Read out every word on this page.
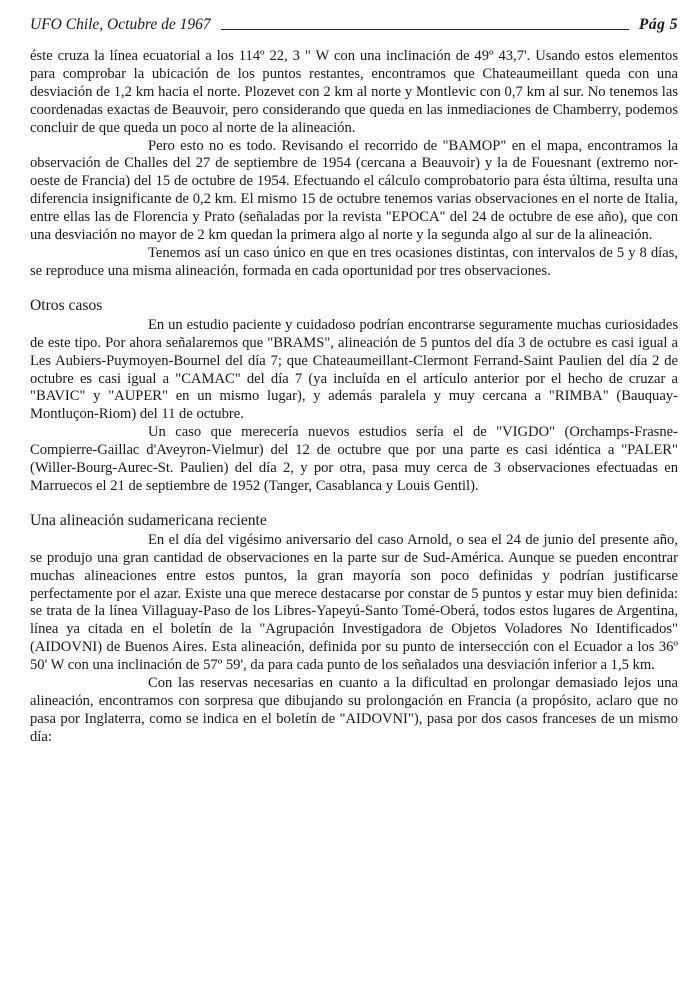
UFO Chile, Octubre de 1967	Pág 5

éste cruza la línea ecuatorial a los 114º 22, 3 " W con una inclinación de 49º 43,7'. Usando estos elementos para comprobar la ubicación de los puntos restantes, encontramos que Chateaumeillant queda con una desviación de 1,2 km hacia el norte. Plozevet con 2 km al norte y Montlevic con 0,7 km al sur. No tenemos las coordenadas exactas de Beauvoir, pero considerando que queda en las inmediaciones de Chamberry, podemos concluir de que queda un poco al norte de la alineación.

Pero esto no es todo. Revisando el recorrido de "BAMOP" en el mapa, encontramos la observación de Challes del 27 de septiembre de 1954 (cercana a Beauvoir) y la de Fouesnant (extremo nor-oeste de Francia) del 15 de octubre de 1954. Efectuando el cálculo comprobatorio para ésta última, resulta una diferencia insignificante de 0,2 km. El mismo 15 de octubre tenemos varias observaciones en el norte de Italia, entre ellas las de Florencia y Prato (señaladas por la revista "EPOCA" del 24 de octubre de ese año), que con una desviación no mayor de 2 km quedan la primera algo al norte y la segunda algo al sur de la alineación.

Tenemos así un caso único en que en tres ocasiones distintas, con intervalos de 5 y 8 días, se reproduce una misma alineación, formada en cada oportunidad por tres observaciones.

Otros casos

En un estudio paciente y cuidadoso podrían encontrarse seguramente muchas curiosidades de este tipo. Por ahora señalaremos que "BRAMS", alineación de 5 puntos del día 3 de octubre es casi igual a Les Aubiers-Puymoyen-Bournel del día 7; que Chateaumeillant-Clermont Ferrand-Saint Paulien del día 2 de octubre es casi igual a "CAMAC" del día 7 (ya incluída en el artículo anterior por el hecho de cruzar a "BAVIC" y "AUPER" en un mismo lugar), y además paralela y muy cercana a "RIMBA" (Bauquay-Montluçon-Riom) del 11 de octubre.

Un caso que merecería nuevos estudios sería el de "VIGDO" (Orchamps-Frasne-Compierre-Gaillac d'Aveyron-Vielmur) del 12 de octubre que por una parte es casi idéntica a "PALER" (Willer-Bourg-Aurec-St. Paulien) del día 2, y por otra, pasa muy cerca de 3 observaciones efectuadas en Marruecos el 21 de septiembre de 1952 (Tanger, Casablanca y Louis Gentil).

Una alineación sudamericana reciente

En el día del vigésimo aniversario del caso Arnold, o sea el 24 de junio del presente año, se produjo una gran cantidad de observaciones en la parte sur de Sud-América. Aunque se pueden encontrar muchas alineaciones entre estos puntos, la gran mayoría son poco definidas y podrían justificarse perfectamente por el azar. Existe una que merece destacarse por constar de 5 puntos y estar muy bien definida: se trata de la línea Villaguay-Paso de los Libres-Yapeyú-Santo Tomé-Oberá, todos estos lugares de Argentina, línea ya citada en el boletín de la "Agrupación Investigadora de Objetos Voladores No Identificados" (AIDOVNI) de Buenos Aires. Esta alineación, definida por su punto de intersección con el Ecuador a los 36º 50' W con una inclinación de 57º 59', da para cada punto de los señalados una desviación inferior a 1,5 km.

Con las reservas necesarias en cuanto a la dificultad en prolongar demasiado lejos una alineación, encontramos con sorpresa que dibujando su prolongación en Francia (a propósito, aclaro que no pasa por Inglaterra, como se indica en el boletín de "AIDOVNI"), pasa por dos casos franceses de un mismo día:
